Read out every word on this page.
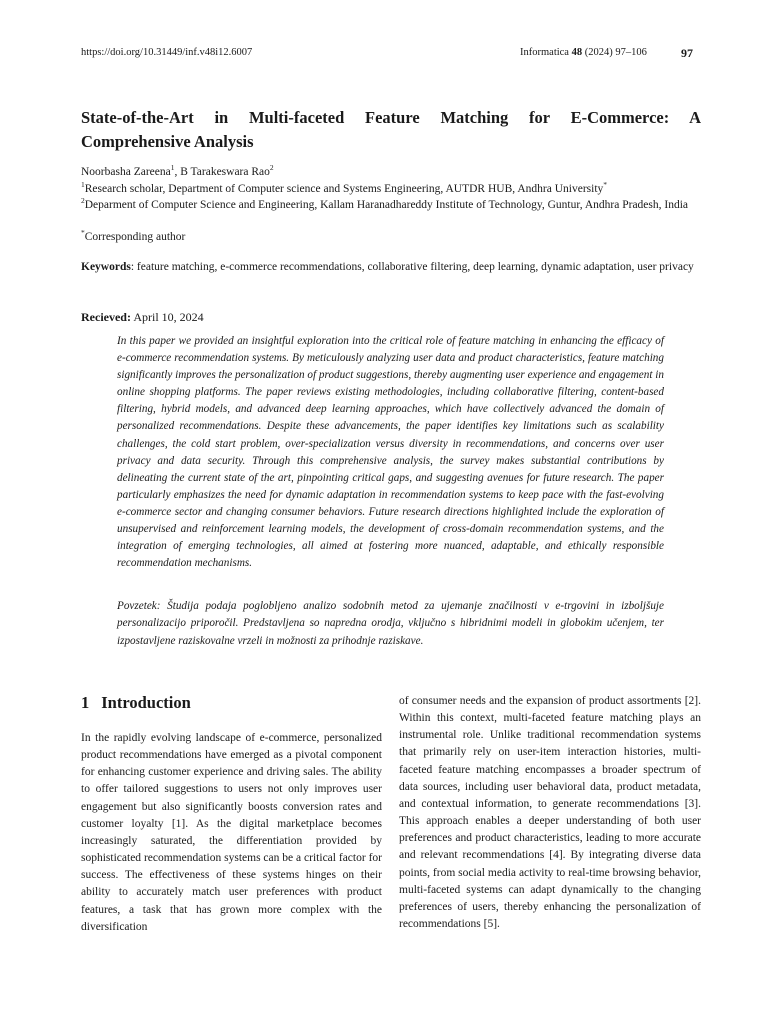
https://doi.org/10.31449/inf.v48i12.6007	Informatica 48 (2024) 97–106	97
State-of-the-Art in Multi-faceted Feature Matching for E-Commerce: A
Comprehensive Analysis
Noorbasha Zareena$^1$, B Tarakeswara Rao$^2$
$^1$Research scholar, Department of Computer science and Systems Engineering, AUTDR HUB, Andhra University*
$^2$Deparment of Computer Science and Engineering, Kallam Haranadhareddy Institute of Technology, Guntur, Andhra Pradesh, India
*Corresponding author
Keywords: feature matching, e-commerce recommendations, collaborative filtering, deep learning, dynamic adaptation, user privacy
Recieved: April 10, 2024

In this paper we provided an insightful exploration into the critical role of feature matching in enhancing the efficacy of e-commerce recommendation systems. By meticulously analyzing user data and product characteristics, feature matching significantly improves the personalization of product suggestions, thereby augmenting user experience and engagement in online shopping platforms. The paper reviews existing methodologies, including collaborative filtering, content-based filtering, hybrid models, and advanced deep learning approaches, which have collectively advanced the domain of personalized recommendations. Despite these advancements, the paper identifies key limitations such as scalability challenges, the cold start problem, over-specialization versus diversity in recommendations, and concerns over user privacy and data security. Through this comprehensive analysis, the survey makes substantial contributions by delineating the current state of the art, pinpointing critical gaps, and suggesting avenues for future research. The paper particularly emphasizes the need for dynamic adaptation in recommendation systems to keep pace with the fast-evolving e-commerce sector and changing consumer behaviors. Future research directions highlighted include the exploration of unsupervised and reinforcement learning models, the development of cross-domain recommendation systems, and the integration of emerging technologies, all aimed at fostering more nuanced, adaptable, and ethically responsible recommendation mechanisms.

Povzetek: Študija podaja poglobljeno analizo sodobnih metod za ujemanje značilnosti v e-trgovini in izboljšuje personalizacijo priporočil. Predstavljena so napredna orodja, vključno s hibridnimi modeli in globokim učenjem, ter izpostavljene raziskovalne vrzeli in možnosti za prihodnje raziskave.

1 Introduction

In the rapidly evolving landscape of e-commerce, personalized product recommendations have emerged as a pivotal component for enhancing customer experience and driving sales. The ability to offer tailored suggestions to users not only improves user engagement but also significantly boosts conversion rates and customer loyalty [1]. As the digital marketplace becomes increasingly saturated, the differentiation provided by sophisticated recommendation systems can be a critical factor for success. The effectiveness of these systems hinges on their ability to accurately match user preferences with product features, a task that has grown more complex with the diversification

of consumer needs and the expansion of product assortments [2]. Within this context, multi-faceted feature matching plays an instrumental role. Unlike traditional recommendation systems that primarily rely on user-item interaction histories, multi-faceted feature matching encompasses a broader spectrum of data sources, including user behavioral data, product metadata, and contextual information, to generate recommendations [3]. This approach enables a deeper understanding of both user preferences and product characteristics, leading to more accurate and relevant recommendations [4]. By integrating diverse data points, from social media activity to real-time browsing behavior, multi-faceted systems can adapt dynamically to the changing preferences of users, thereby enhancing the personalization of recommendations [5].
